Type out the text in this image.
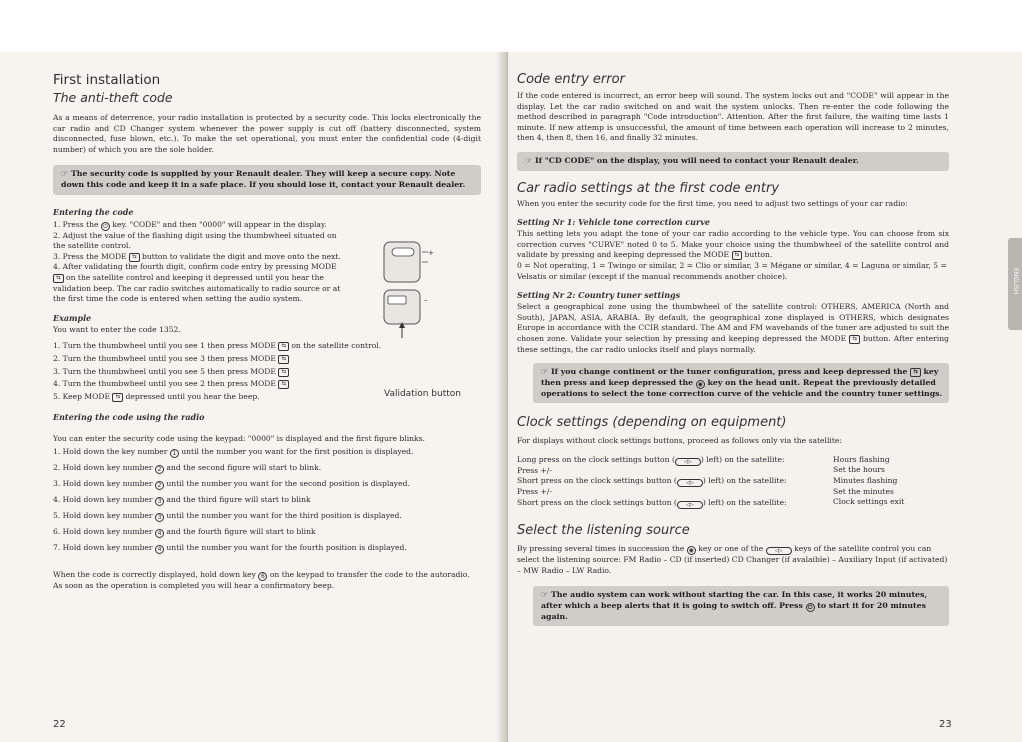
First installation
The anti-theft code

As a means of deterrence, your radio installation is protected by a security code. This locks electronically the car radio and CD Changer system whenever the power supply is cut off (battery disconnected, system disconnected, fuse blown, etc.). To make the set operational, you must enter the confidential code (4-digit number) of which you are the sole holder.

☞ The security code is supplied by your Renault dealer. They will keep a secure copy. Note down this code and keep it in a safe place. If you should lose it, contact your Renault dealer.
Entering the code
1. Press the ⏻ key. "CODE" and then "0000" will appear in the display.
2. Adjust the value of the flashing digit using the thumbwheel situated on the satellite control.
3. Press the MODE ⇆ button to validate the digit and move onto the next.
4. After validating the fourth digit, confirm code entry by pressing MODE ⇆ on the satellite control and keeping it depressed until you hear the validation beep. The car radio switches automatically to radio source or at the first time the code is entered when setting the audio system.
Example

You want to enter the code 1352.

1. Turn the thumbwheel until you see 1 then press MODE ⇆ on the satellite control.
2. Turn the thumbwheel until you see 3 then press MODE ⇆
3. Turn the thumbwheel until you see 5 then press MODE ⇆
4. Turn the thumbwheel until you see 2 then press MODE ⇆
5. Keep MODE ⇆ depressed until you hear the beep.
Entering the code using the radio

You can enter the security code using the keypad: "0000" is displayed and the first figure blinks.

1. Hold down the key number 1 until the number you want for the first position is displayed.
2. Hold down key number 2 and the second figure will start to blink.
3. Hold down key number 2 until the number you want for the second position is displayed.
4. Hold down key number 3 and the third figure will start to blink
5. Hold down key number 3 until the number you want for the third position is displayed.
6. Hold down key number 4 and the fourth figure will start to blink
7. Hold down key number 4 until the number you want for the fourth position is displayed.

When the code is correctly displayed, hold down key 6 on the keypad to transfer the code to the autoradio. As soon as the operation is completed you will hear a confirmatory beep.

+
–
Validation button
22
Code entry error

If the code entered is incorrect, an error beep will sound. The system locks out and "CODE" will appear in the display. Let the car radio switched on and wait the system unlocks. Then re-enter the code following the method described in paragraph "Code introduction". Attention. After the first failure, the waiting time lasts 1 minute. If new attemp is unsuccessful, the amount of time between each operation will increase to 2 minutes, then 4, then 8, then 16, and finally 32 minutes.

☞ If "CD CODE" on the display, you will need to contact your Renault dealer.
Car radio settings at the first code entry

When you enter the security code for the first time, you need to adjust two settings of your car radio:

Setting Nr 1: Vehicle tone correction curve

This setting lets you adapt the tone of your car radio according to the vehicle type. You can choose from six correction curves "CURVE" noted 0 to 5. Make your choice using the thumbwheel of the satellite control and validate by pressing and keeping depressed the MODE ⇆ button.

0 = Not operating, 1 = Twingo or similar, 2 = Clio or similar, 3 = Mégane or similar, 4 = Laguna or similar, 5 = Velsatis or similar (except if the manual recommends another choice).

Setting Nr 2: Country tuner settings

Select a geographical zone using the thumbwheel of the satellite control: OTHERS, AMERICA (North and South), JAPAN, ASIA, ARABIA. By default, the geographical zone displayed is OTHERS, which designates Europe in accordance with the CCIR standard. The AM and FM wavebands of the tuner are adjusted to suit the chosen zone. Validate your selection by pressing and keeping depressed the MODE ⇆ button. After entering these settings, the car radio unlocks itself and plays normally.

☞ If you change continent or the tuner configuration, press and keep depressed the ⇆ key then press and keep depressed the ◉ key on the head unit. Repeat the previously detailed operations to select the tone correction curve of the vehicle and the country tuner settings.
Clock settings (depending on equipment)

For displays without clock settings buttons, proceed as follows only via the satellite:

Long press on the clock settings button ( ◁▷ ) left) on the satellite:
Press +/-
Short press on the clock settings button ( ◁▷ ) left) on the satellite:
Press +/-
Short press on the clock settings button ( ◁▷ ) left) on the satellite:
Hours flashing
Set the hours
Minutes flashing
Set the minutes
Clock settings exit
Select the listening source

By pressing several times in succession the ◉ key or one of the ◁▷ keys of the satellite control you can select the listening source: FM Radio – CD (if inserted) CD Changer (if avalaible) – Auxiliary Input (if activated) – MW Radio – LW Radio.

☞ The audio system can work without starting the car. In this case, it works 20 minutes, after which a beep alerts that it is going to switch off. Press ⏻ to start it for 20 minutes again.
ENGLISH
23
